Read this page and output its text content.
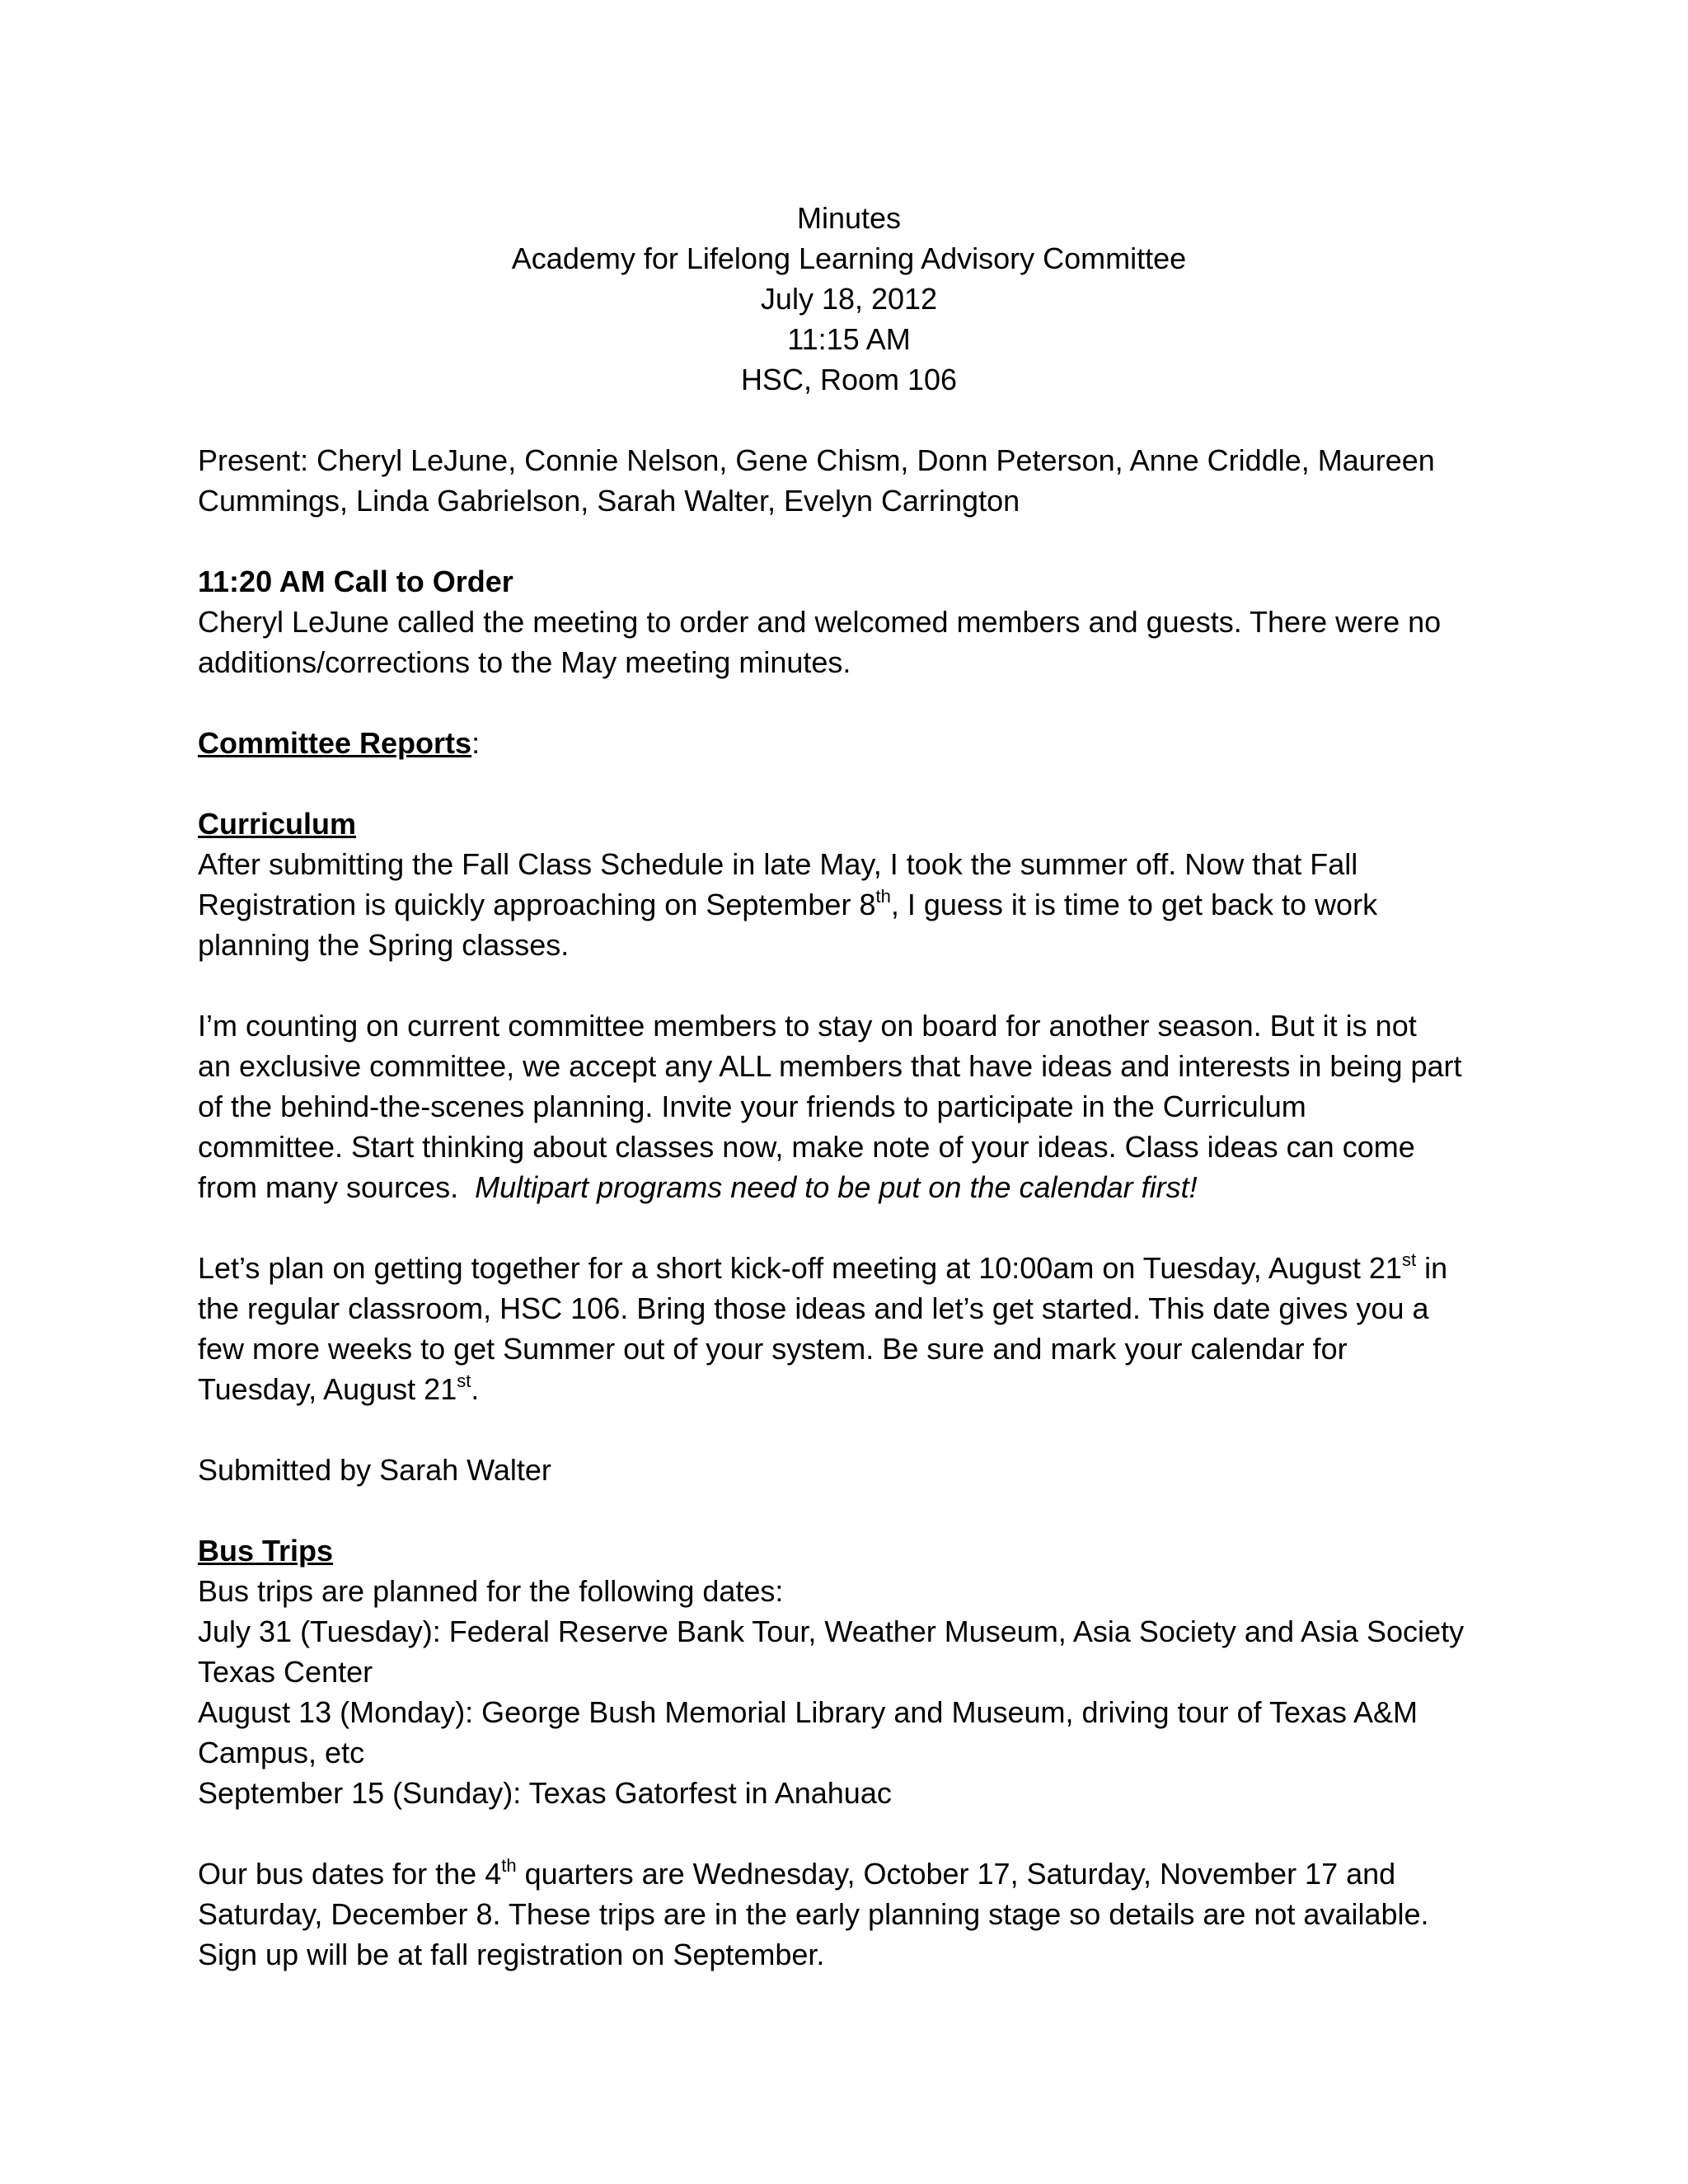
Minutes
Academy for Lifelong Learning Advisory Committee
July 18, 2012
11:15 AM
HSC, Room 106

Present: Cheryl LeJune, Connie Nelson, Gene Chism, Donn Peterson, Anne Criddle, Maureen
Cummings, Linda Gabrielson, Sarah Walter, Evelyn Carrington

11:20 AM Call to Order
Cheryl LeJune called the meeting to order and welcomed members and guests. There were no
additions/corrections to the May meeting minutes.

Committee Reports:

Curriculum
After submitting the Fall Class Schedule in late May, I took the summer off. Now that Fall
Registration is quickly approaching on September 8th, I guess it is time to get back to work
planning the Spring classes.

I’m counting on current committee members to stay on board for another season. But it is not
an exclusive committee, we accept any ALL members that have ideas and interests in being part
of the behind-the-scenes planning. Invite your friends to participate in the Curriculum
committee. Start thinking about classes now, make note of your ideas. Class ideas can come
from many sources.  Multipart programs need to be put on the calendar first!

Let’s plan on getting together for a short kick-off meeting at 10:00am on Tuesday, August 21st in
the regular classroom, HSC 106. Bring those ideas and let’s get started. This date gives you a
few more weeks to get Summer out of your system. Be sure and mark your calendar for
Tuesday, August 21st.

Submitted by Sarah Walter

Bus Trips
Bus trips are planned for the following dates:
July 31 (Tuesday): Federal Reserve Bank Tour, Weather Museum, Asia Society and Asia Society
Texas Center
August 13 (Monday): George Bush Memorial Library and Museum, driving tour of Texas A&M
Campus, etc
September 15 (Sunday): Texas Gatorfest in Anahuac

Our bus dates for the 4th quarters are Wednesday, October 17, Saturday, November 17 and
Saturday, December 8. These trips are in the early planning stage so details are not available.
Sign up will be at fall registration on September.
